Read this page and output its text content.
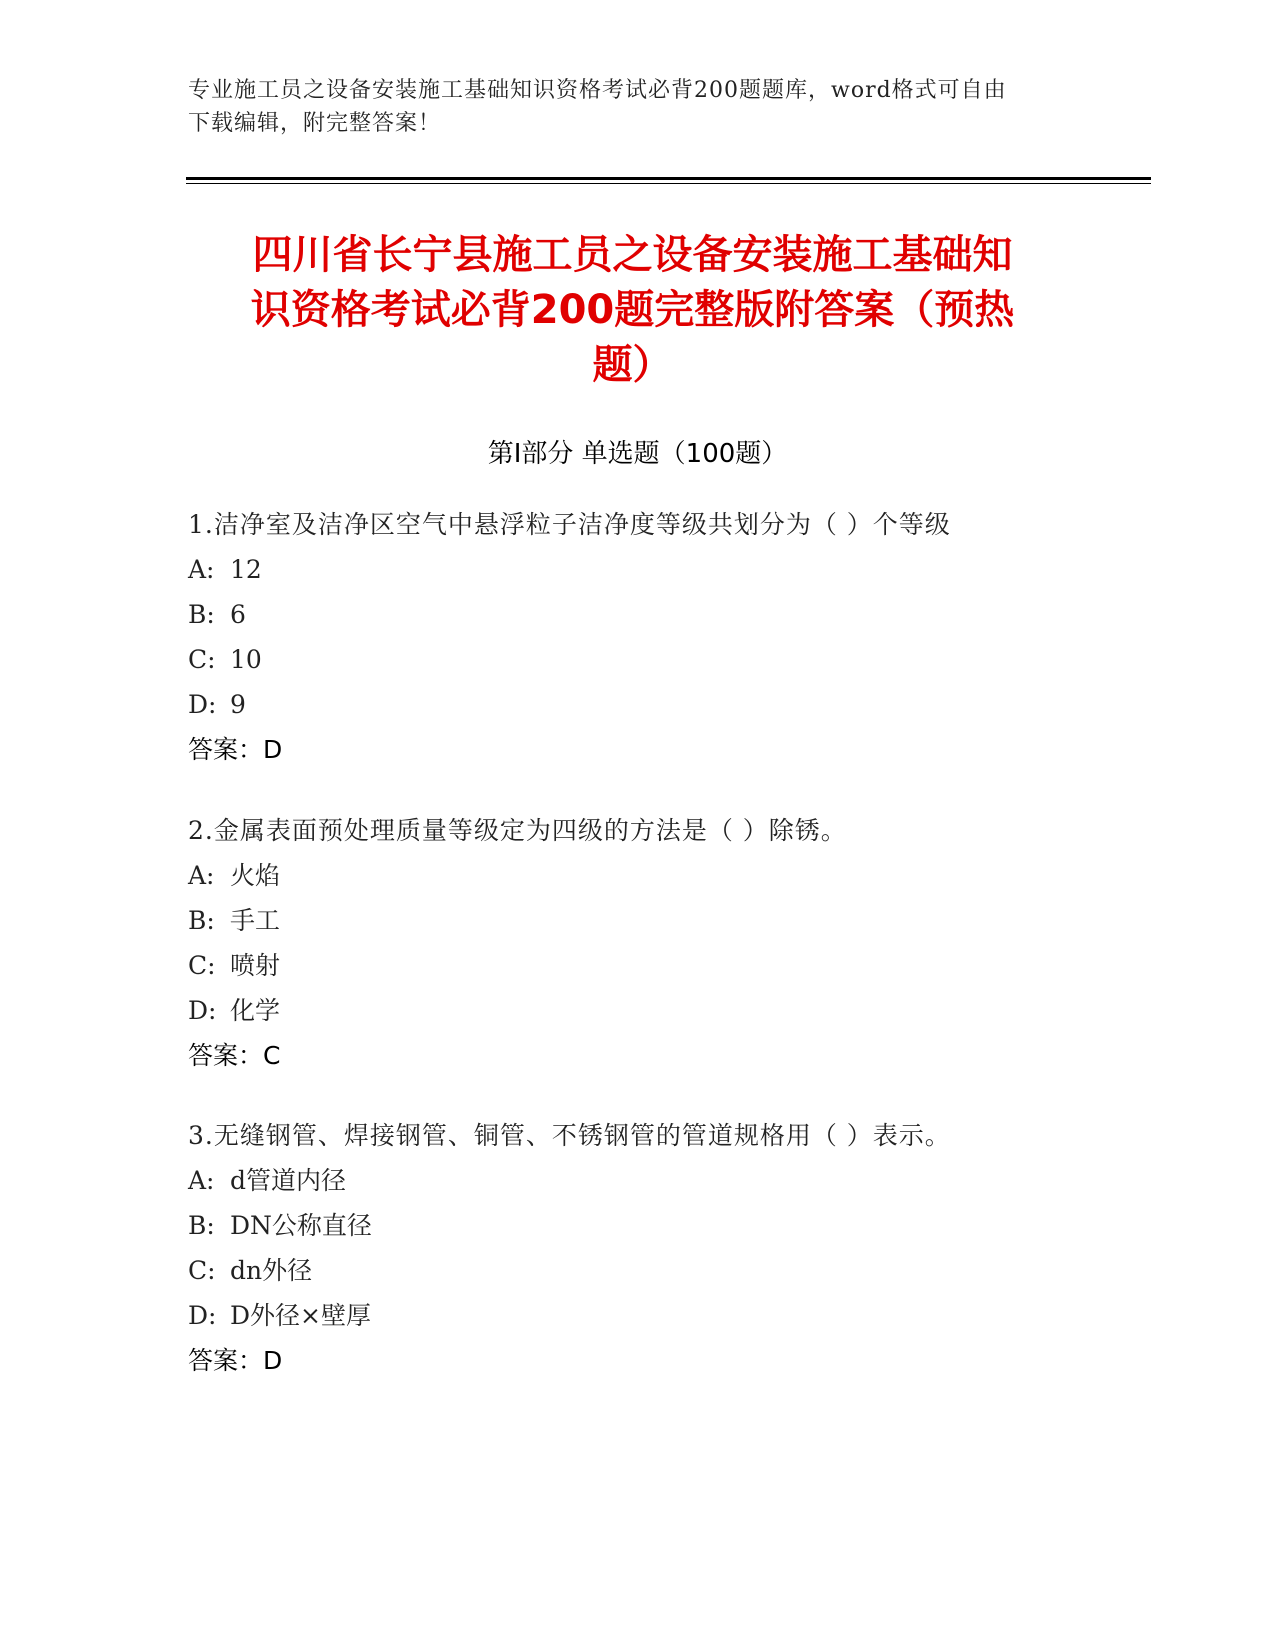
专业施工员之设备安装施工基础知识资格考试必背200题题库，word格式可自由
下载编辑，附完整答案！
四川省长宁县施工员之设备安装施工基础知
识资格考试必背200题完整版附答案（预热
题）
第Ⅰ部分 单选题（100题）
1.洁净室及洁净区空气中悬浮粒子洁净度等级共划分为（ ）个等级
A: 12
B: 6
C: 10
D: 9
答案：D
2.金属表面预处理质量等级定为四级的方法是（ ）除锈。
A: 火焰
B: 手工
C: 喷射
D: 化学
答案：C
3.无缝钢管、焊接钢管、铜管、不锈钢管的管道规格用（ ）表示。
A: d管道内径
B: DN公称直径
C: dn外径
D: D外径×壁厚
答案：D
